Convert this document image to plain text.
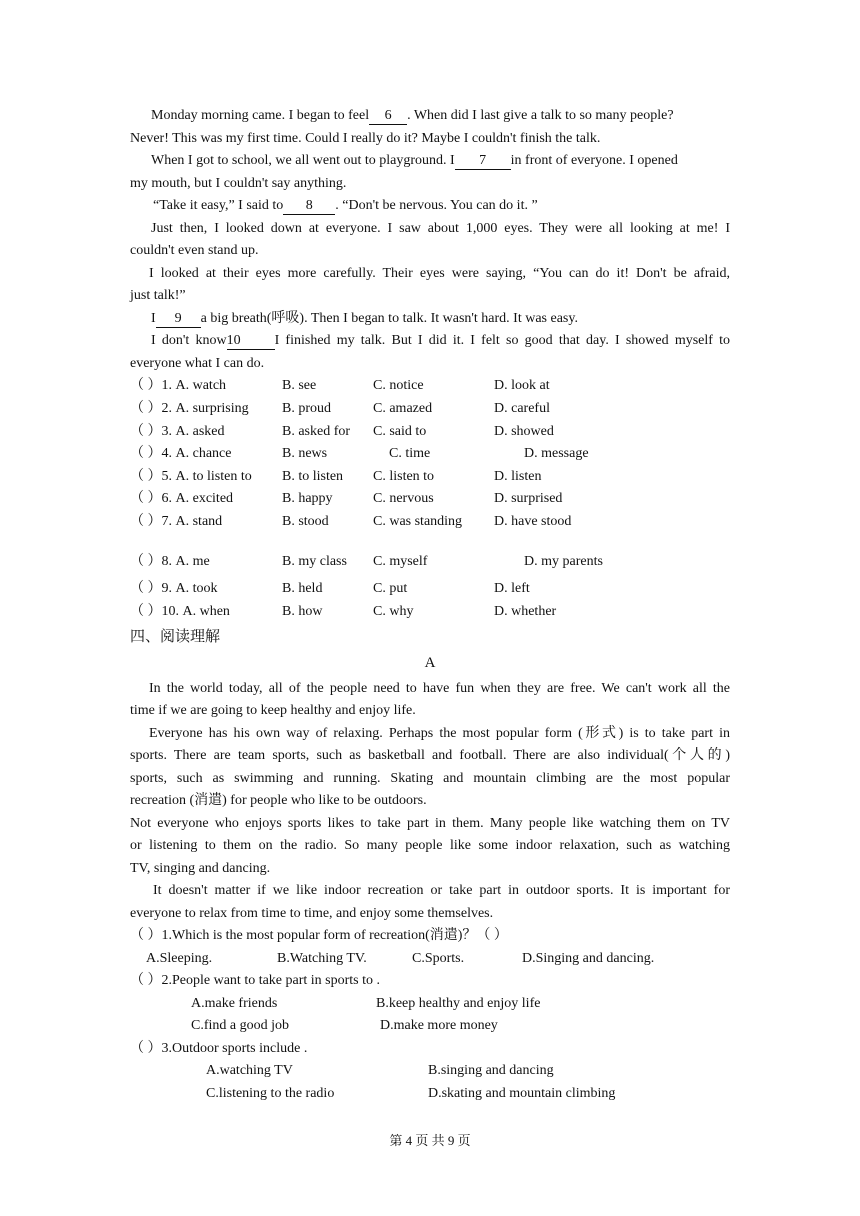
Monday morning came. I began to feel 6 . When did I last give a talk to so many people?
Never! This was my first time. Could I really do it? Maybe I couldn't finish the talk.
When I got to school, we all went out to playground. I 7 in front of everyone. I opened
my mouth, but I couldn't say anything.
“Take it easy,” I said to 8 . “Don't be nervous. You can do it. ”
Just then, I looked down at everyone. I saw about 1,000 eyes. They were all looking at me! I
couldn't even stand up.
I looked at their eyes more carefully. Their eyes were saying, “You can do it! Don't be afraid,
just talk!”
I 9 a big breath(呼吸). Then I began to talk. It wasn't hard. It was easy.
I don't know10 I finished my talk. But I did it. I felt so good that day. I showed myself to
everyone what I can do.
（ ）1. A. watch	B. see	C. notice	D. look at
（ ）2. A. surprising B. proud	C. amazed	D. careful
（ ）3. A. asked	B. asked for C. said to	D. showed
（ ）4. A. chance	B. news	C. time	D. message
（ ）5. A. to listen to B. to listen C. listen to	D. listen
（ ）6. A. excited	B. happy	C. nervous	D. surprised
（ ）7. A. stand	B. stood	C. was standing D. have stood
（ ）8. A. me	B. my class C. myself	D. my parents
（ ）9. A. took	B. held	C. put	D. left
（ ）10. A. when	B. how	C. why	D. whether
四、阅读理解
A
In the world today, all of the people need to have fun when they are free. We can't work all the
time if we are going to keep healthy and enjoy life.
Everyone has his own way of relaxing. Perhaps the most popular form (形式) is to take part in
sports. There are team sports, such as basketball and football. There are also individual(个人的)
sports, such as swimming and running. Skating and mountain climbing are the most popular
recreation (消遣) for people who like to be outdoors.
Not everyone who enjoys sports likes to take part in them. Many people like watching them on TV
or listening to them on the radio. So many people like some indoor relaxation, such as watching
TV, singing and dancing.
It doesn't matter if we like indoor recreation or take part in outdoor sports. It is important for
everyone to relax from time to time, and enjoy some themselves.
（ ）1.Which is the most popular form of recreation(消遣)？（ ）
A.Sleeping.	B.Watching TV.	C.Sports.	D.Singing and dancing.
（ ）2.People want to take part in sports to .
A.make friends	B.keep healthy and enjoy life
C.find a good job	D.make more money
（ ）3.Outdoor sports include .
A.watching TV	B.singing and dancing
C.listening to the radio	D.skating and mountain climbing
第 4 页 共 9 页
